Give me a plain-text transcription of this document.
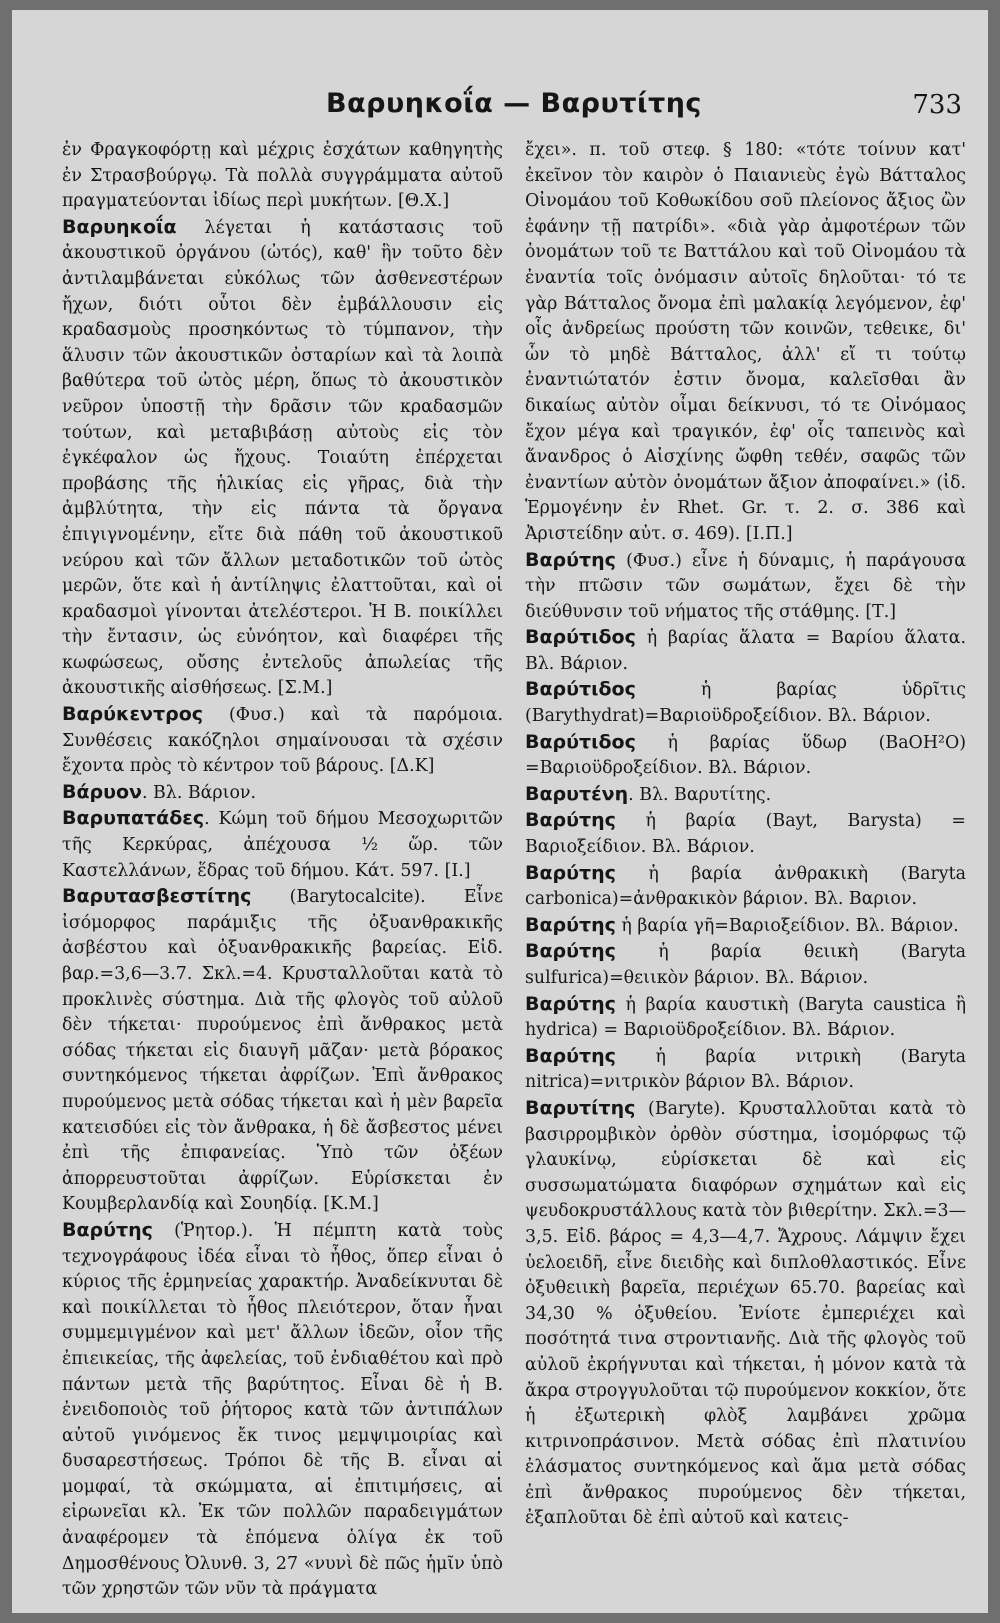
Βαρυηκοΐα — Βαρυτίτης	733

ἐν Φραγκοφόρτῃ καὶ μέχρις ἐσχάτων καθηγητὴς ἐν Στρασβούργῳ. Τὰ πολλὰ συγγράμματα αὐτοῦ πραγματεύονται ἰδίως περὶ μυκήτων. [Θ.Χ.]

Βαρυηκοΐα λέγεται ἡ κατάστασις τοῦ ἀκουστικοῦ ὀργάνου (ὠτός), καθ' ἣν τοῦτο δὲν ἀντιλαμβάνεται εὐκόλως τῶν ἀσθενεστέρων ἤχων, διότι οὗτοι δὲν ἐμβάλλουσιν εἰς κραδασμοὺς προσηκόντως τὸ τύμπανον, τὴν ἅλυσιν τῶν ἀκουστικῶν ὀσταρίων καὶ τὰ λοιπὰ βαθύτερα τοῦ ὠτὸς μέρη, ὅπως τὸ ἀκουστικὸν νεῦρον ὑποστῇ τὴν δρᾶσιν τῶν κραδασμῶν τούτων, καὶ μεταβιβάσῃ αὐτοὺς εἰς τὸν ἐγκέφαλον ὡς ἤχους. Τοιαύτη ἐπέρχεται προβάσης τῆς ἡλικίας εἰς γῆρας, διὰ τὴν ἀμβλύτητα, τὴν εἰς πάντα τὰ ὄργανα ἐπιγιγνομένην, εἴτε διὰ πάθη τοῦ ἀκουστικοῦ νεύρου καὶ τῶν ἄλλων μεταδοτικῶν τοῦ ὠτὸς μερῶν, ὅτε καὶ ἡ ἀντίληψις ἐλαττοῦται, καὶ οἱ κραδασμοὶ γίνονται ἀτελέστεροι. Ἡ Β. ποικίλλει τὴν ἔντασιν, ὡς εὐνόητον, καὶ διαφέρει τῆς κωφώσεως, οὔσης ἐντελοῦς ἀπωλείας τῆς ἀκουστικῆς αἰσθήσεως. [Σ.Μ.]

Βαρύκεντρος (Φυσ.) καὶ τὰ παρόμοια. Συνθέσεις κακόζηλοι σημαίνουσαι τὰ σχέσιν ἔχοντα πρὸς τὸ κέντρον τοῦ βάρους. [Δ.Κ]

Βάρυον. Βλ. Βάριον.

Βαρυπατάδες. Κώμη τοῦ δήμου Μεσοχωριτῶν τῆς Κερκύρας, ἀπέχουσα ½ ὥρ. τῶν Καστελλάνων, ἕδρας τοῦ δήμου. Κάτ. 597. [Ι.]

Βαρυτασβεστίτης (Barytocalcite). Εἶνε ἰσόμορφος παράμιξις τῆς ὀξυανθρακικῆς ἀσβέστου καὶ ὀξυανθρακικῆς βαρείας. Εἰδ. βαρ.=3,6—3.7. Σκλ.=4. Κρυσταλλοῦται κατὰ τὸ προκλινὲς σύστημα. Διὰ τῆς φλογὸς τοῦ αὐλοῦ δὲν τήκεται· πυρούμενος ἐπὶ ἄνθρακος μετὰ σόδας τήκεται εἰς διαυγῆ μᾶζαν· μετὰ βόρακος συντηκόμενος τήκεται ἀφρίζων. Ἐπὶ ἄνθρακος πυρούμενος μετὰ σόδας τήκεται καὶ ἡ μὲν βαρεῖα κατεισδύει εἰς τὸν ἄνθρακα, ἡ δὲ ἄσβεστος μένει ἐπὶ τῆς ἐπιφανείας. Ὑπὸ τῶν ὀξέων ἀπορρευστοῦται ἀφρίζων. Εὑρίσκεται ἐν Κουμβερλανδίᾳ καὶ Σουηδίᾳ. [Κ.Μ.]

Βαρύτης (Ῥητορ.). Ἡ πέμπτη κατὰ τοὺς τεχνογράφους ἰδέα εἶναι τὸ ἦθος, ὅπερ εἶναι ὁ κύριος τῆς ἑρμηνείας χαρακτήρ. Ἀναδείκνυται δὲ καὶ ποικίλλεται τὸ ἦθος πλειότερον, ὅταν ἦναι συμμεμιγμένον καὶ μετ' ἄλλων ἰδεῶν, οἷον τῆς ἐπιεικείας, τῆς ἀφελείας, τοῦ ἐνδιαθέτου καὶ πρὸ πάντων μετὰ τῆς βαρύτητος. Εἶναι δὲ ἡ Β. ἐνειδοποιὸς τοῦ ῥήτορος κατὰ τῶν ἀντιπάλων αὐτοῦ γινόμενος ἔκ τινος μεμψιμοιρίας καὶ δυσαρεστήσεως. Τρόποι δὲ τῆς Β. εἶναι αἱ μομφαί, τὰ σκώμματα, αἱ ἐπιτιμήσεις, αἱ εἰρωνεῖαι κλ. Ἐκ τῶν πολλῶν παραδειγμάτων ἀναφέρομεν τὰ ἑπόμενα ὁλίγα ἐκ τοῦ Δημοσθένους Ὀλυνθ. 3, 27 «νυνὶ δὲ πῶς ἡμῖν ὑπὸ τῶν χρηστῶν τῶν νῦν τὰ πράγματα

ἔχει». π. τοῦ στεφ. § 180: «τότε τοίνυν κατ' ἐκεῖνον τὸν καιρὸν ὁ Παιανιεὺς ἐγὼ Βάτταλος Οἰνομάου τοῦ Κοθωκίδου σοῦ πλείονος ἄξιος ὢν ἐφάνην τῇ πατρίδι». «διὰ γὰρ ἀμφοτέρων τῶν ὀνομάτων τοῦ τε Βαττάλου καὶ τοῦ Οἰνομάου τὰ ἐναντία τοῖς ὀνόμασιν αὐτοῖς δηλοῦται· τό τε γὰρ Βάτταλος ὄνομα ἐπὶ μαλακίᾳ λεγόμενον, ἐφ' οἷς ἀνδρείως προύστη τῶν κοινῶν, τεθεικε, δι' ὧν τὸ μηδὲ Βάτταλος, ἀλλ' εἴ τι τούτῳ ἐναντιώτατόν ἐστιν ὄνομα, καλεῖσθαι ἂν δικαίως αὐτὸν οἶμαι δείκνυσι, τό τε Οἰνόμαος ἔχον μέγα καὶ τραγικόν, ἐφ' οἷς ταπεινὸς καὶ ἄνανδρος ὁ Αἰσχίνης ὤφθη τεθέν, σαφῶς τῶν ἐναντίων αὐτὸν ὀνομάτων ἄξιον ἀποφαίνει.» (ἰδ. Ἑρμογένην ἐν Rhet. Gr. τ. 2. σ. 386 καὶ Ἀριστείδην αὐτ. σ. 469). [Ι.Π.]

Βαρύτης (Φυσ.) εἶνε ἡ δύναμις, ἡ παράγουσα τὴν πτῶσιν τῶν σωμάτων, ἔχει δὲ τὴν διεύθυνσιν τοῦ νήματος τῆς στάθμης. [Τ.]

Βαρύτιδος ἡ βαρίας ἅλατα = Βαρίου ἅλατα. Βλ. Βάριον.

Βαρύτιδος ἡ βαρίας ὑδρῖτις (Barythydrat)=Βαριοϋδροξείδιον. Βλ. Βάριον.

Βαρύτιδος ἡ βαρίας ὕδωρ (BaOH²O) =Βαριοϋδροξείδιον. Βλ. Βάριον.

Βαρυτένη. Βλ. Βαρυτίτης.

Βαρύτης ἡ βαρία (Bayt, Barysta) = Βαριοξείδιον. Βλ. Βάριον.

Βαρύτης ἡ βαρία ἀνθρακικὴ (Baryta carbonica)=ἀνθρακικὸν βάριον. Βλ. Βαριον.

Βαρύτης ἡ βαρία γῆ=Βαριοξείδιον. Βλ. Βάριον.

Βαρύτης ἡ βαρία θειικὴ (Baryta sulfurica)=θειικὸν βάριον. Βλ. Βάριον.

Βαρύτης ἡ βαρία καυστικὴ (Baryta caustica ἢ hydrica) = Βαριοϋδροξείδιον. Βλ. Βάριον.

Βαρύτης ἡ βαρία νιτρικὴ (Baryta nitrica)=νιτρικὸν βάριον Βλ. Βάριον.

Βαρυτίτης (Baryte). Κρυσταλλοῦται κατὰ τὸ βασιρρομβικὸν ὀρθὸν σύστημα, ἰσομόρφως τῷ γλαυκίνῳ, εὑρίσκεται δὲ καὶ εἰς συσσωματώματα διαφόρων σχημάτων καὶ εἰς ψευδοκρυστάλλους κατὰ τὸν βιθερίτην. Σκλ.=3—3,5. Εἰδ. βάρος = 4,3—4,7. Ἄχρους. Λάμψιν ἔχει ὑελοειδῆ, εἶνε διειδὴς καὶ διπλοθλαστικός. Εἶνε ὀξυθειικὴ βαρεῖα, περιέχων 65.70. βαρείας καὶ 34,30 % ὀξυθείου. Ἐνίοτε ἐμπεριέχει καὶ ποσότητά τινα στροντιανῆς. Διὰ τῆς φλογὸς τοῦ αὐλοῦ ἐκρήγνυται καὶ τήκεται, ἡ μόνον κατὰ τὰ ἄκρα στρογγυλοῦται τῷ πυρούμενον κοκκίον, ὅτε ἡ ἐξωτερικὴ φλὸξ λαμβάνει χρῶμα κιτρινοπράσινον. Μετὰ σόδας ἐπὶ πλατινίου ἐλάσματος συντηκόμενος καὶ ἅμα μετὰ σόδας ἐπὶ ἄνθρακος πυρούμενος δὲν τήκεται, ἐξαπλοῦται δὲ ἐπὶ αὐτοῦ καὶ κατεις-
